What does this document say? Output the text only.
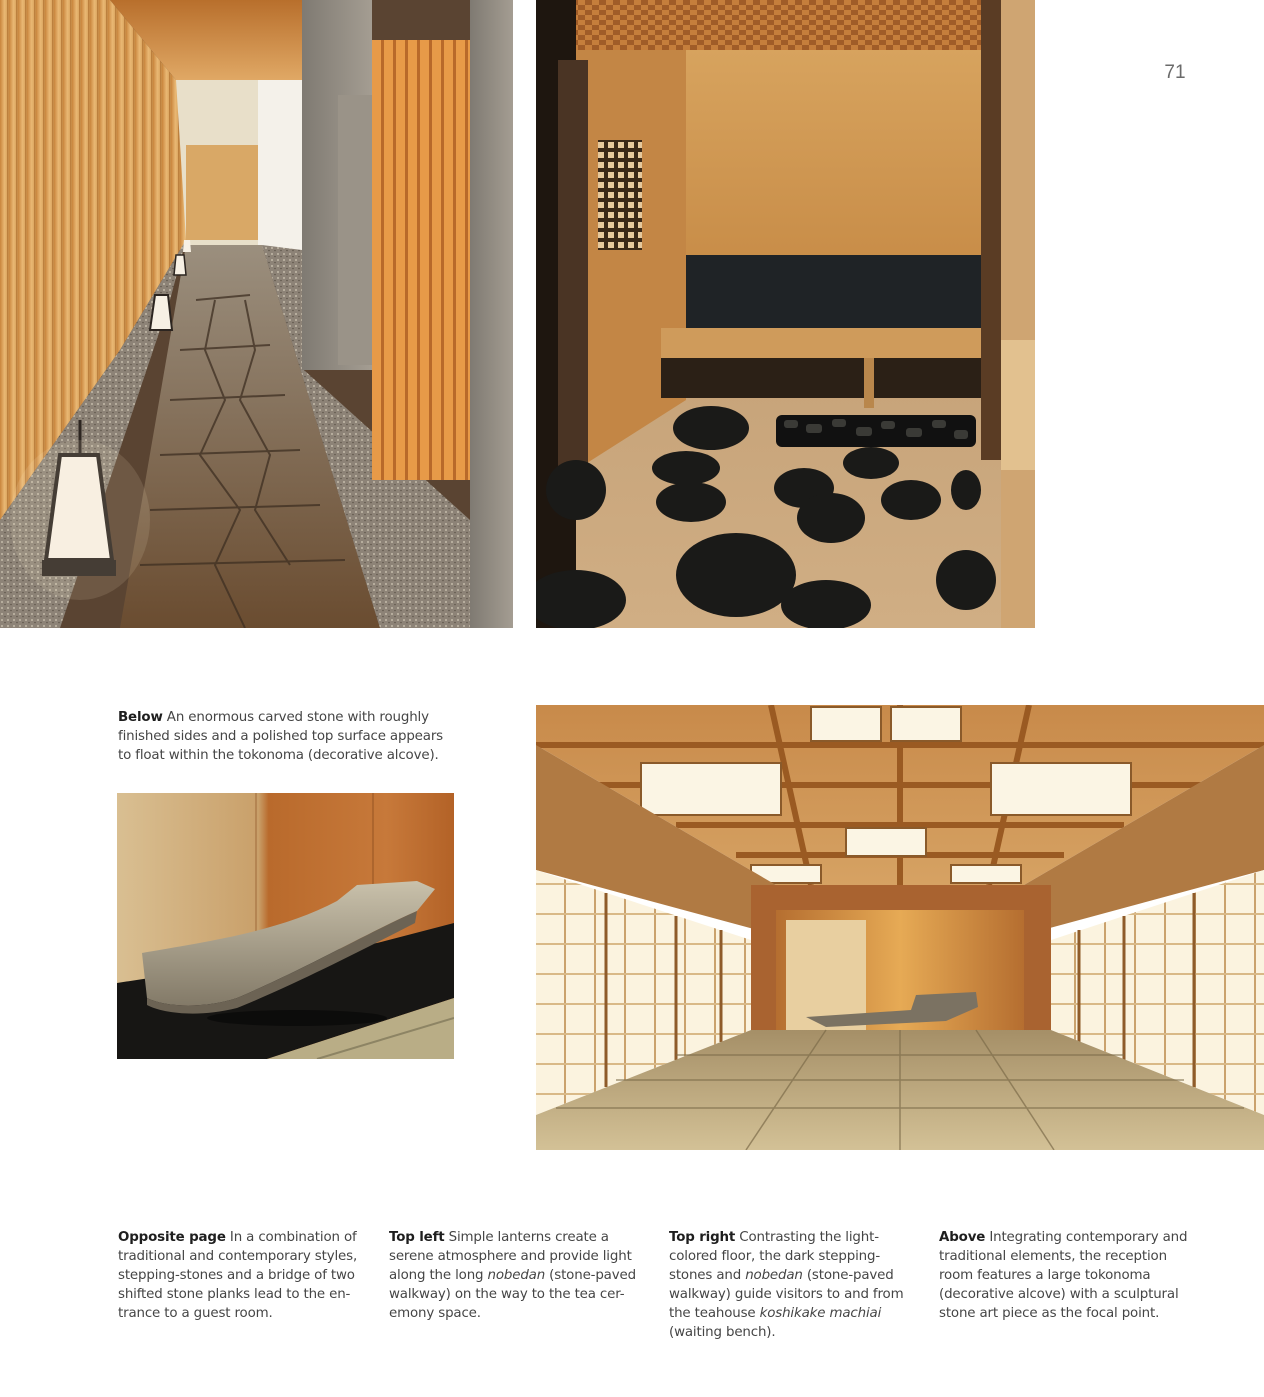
71
Below An enormous carved stone with roughly finished sides and a polished top surface appears to float within the tokonoma (decorative alcove).
Opposite page In a combination of traditional and contemporary styles, stepping-stones and a bridge of two shifted stone planks lead to the en-trance to a guest room.
Top left Simple lanterns create a serene atmosphere and provide light along the long nobedan (stone-paved walkway) on the way to the tea cer-emony space.
Top right Contrasting the light-colored floor, the dark stepping-stones and nobedan (stone-paved walkway) guide visitors to and from the teahouse koshikake machiai (waiting bench).
Above Integrating contemporary and traditional elements, the reception room features a large tokonoma (decorative alcove) with a sculptural stone art piece as the focal point.
